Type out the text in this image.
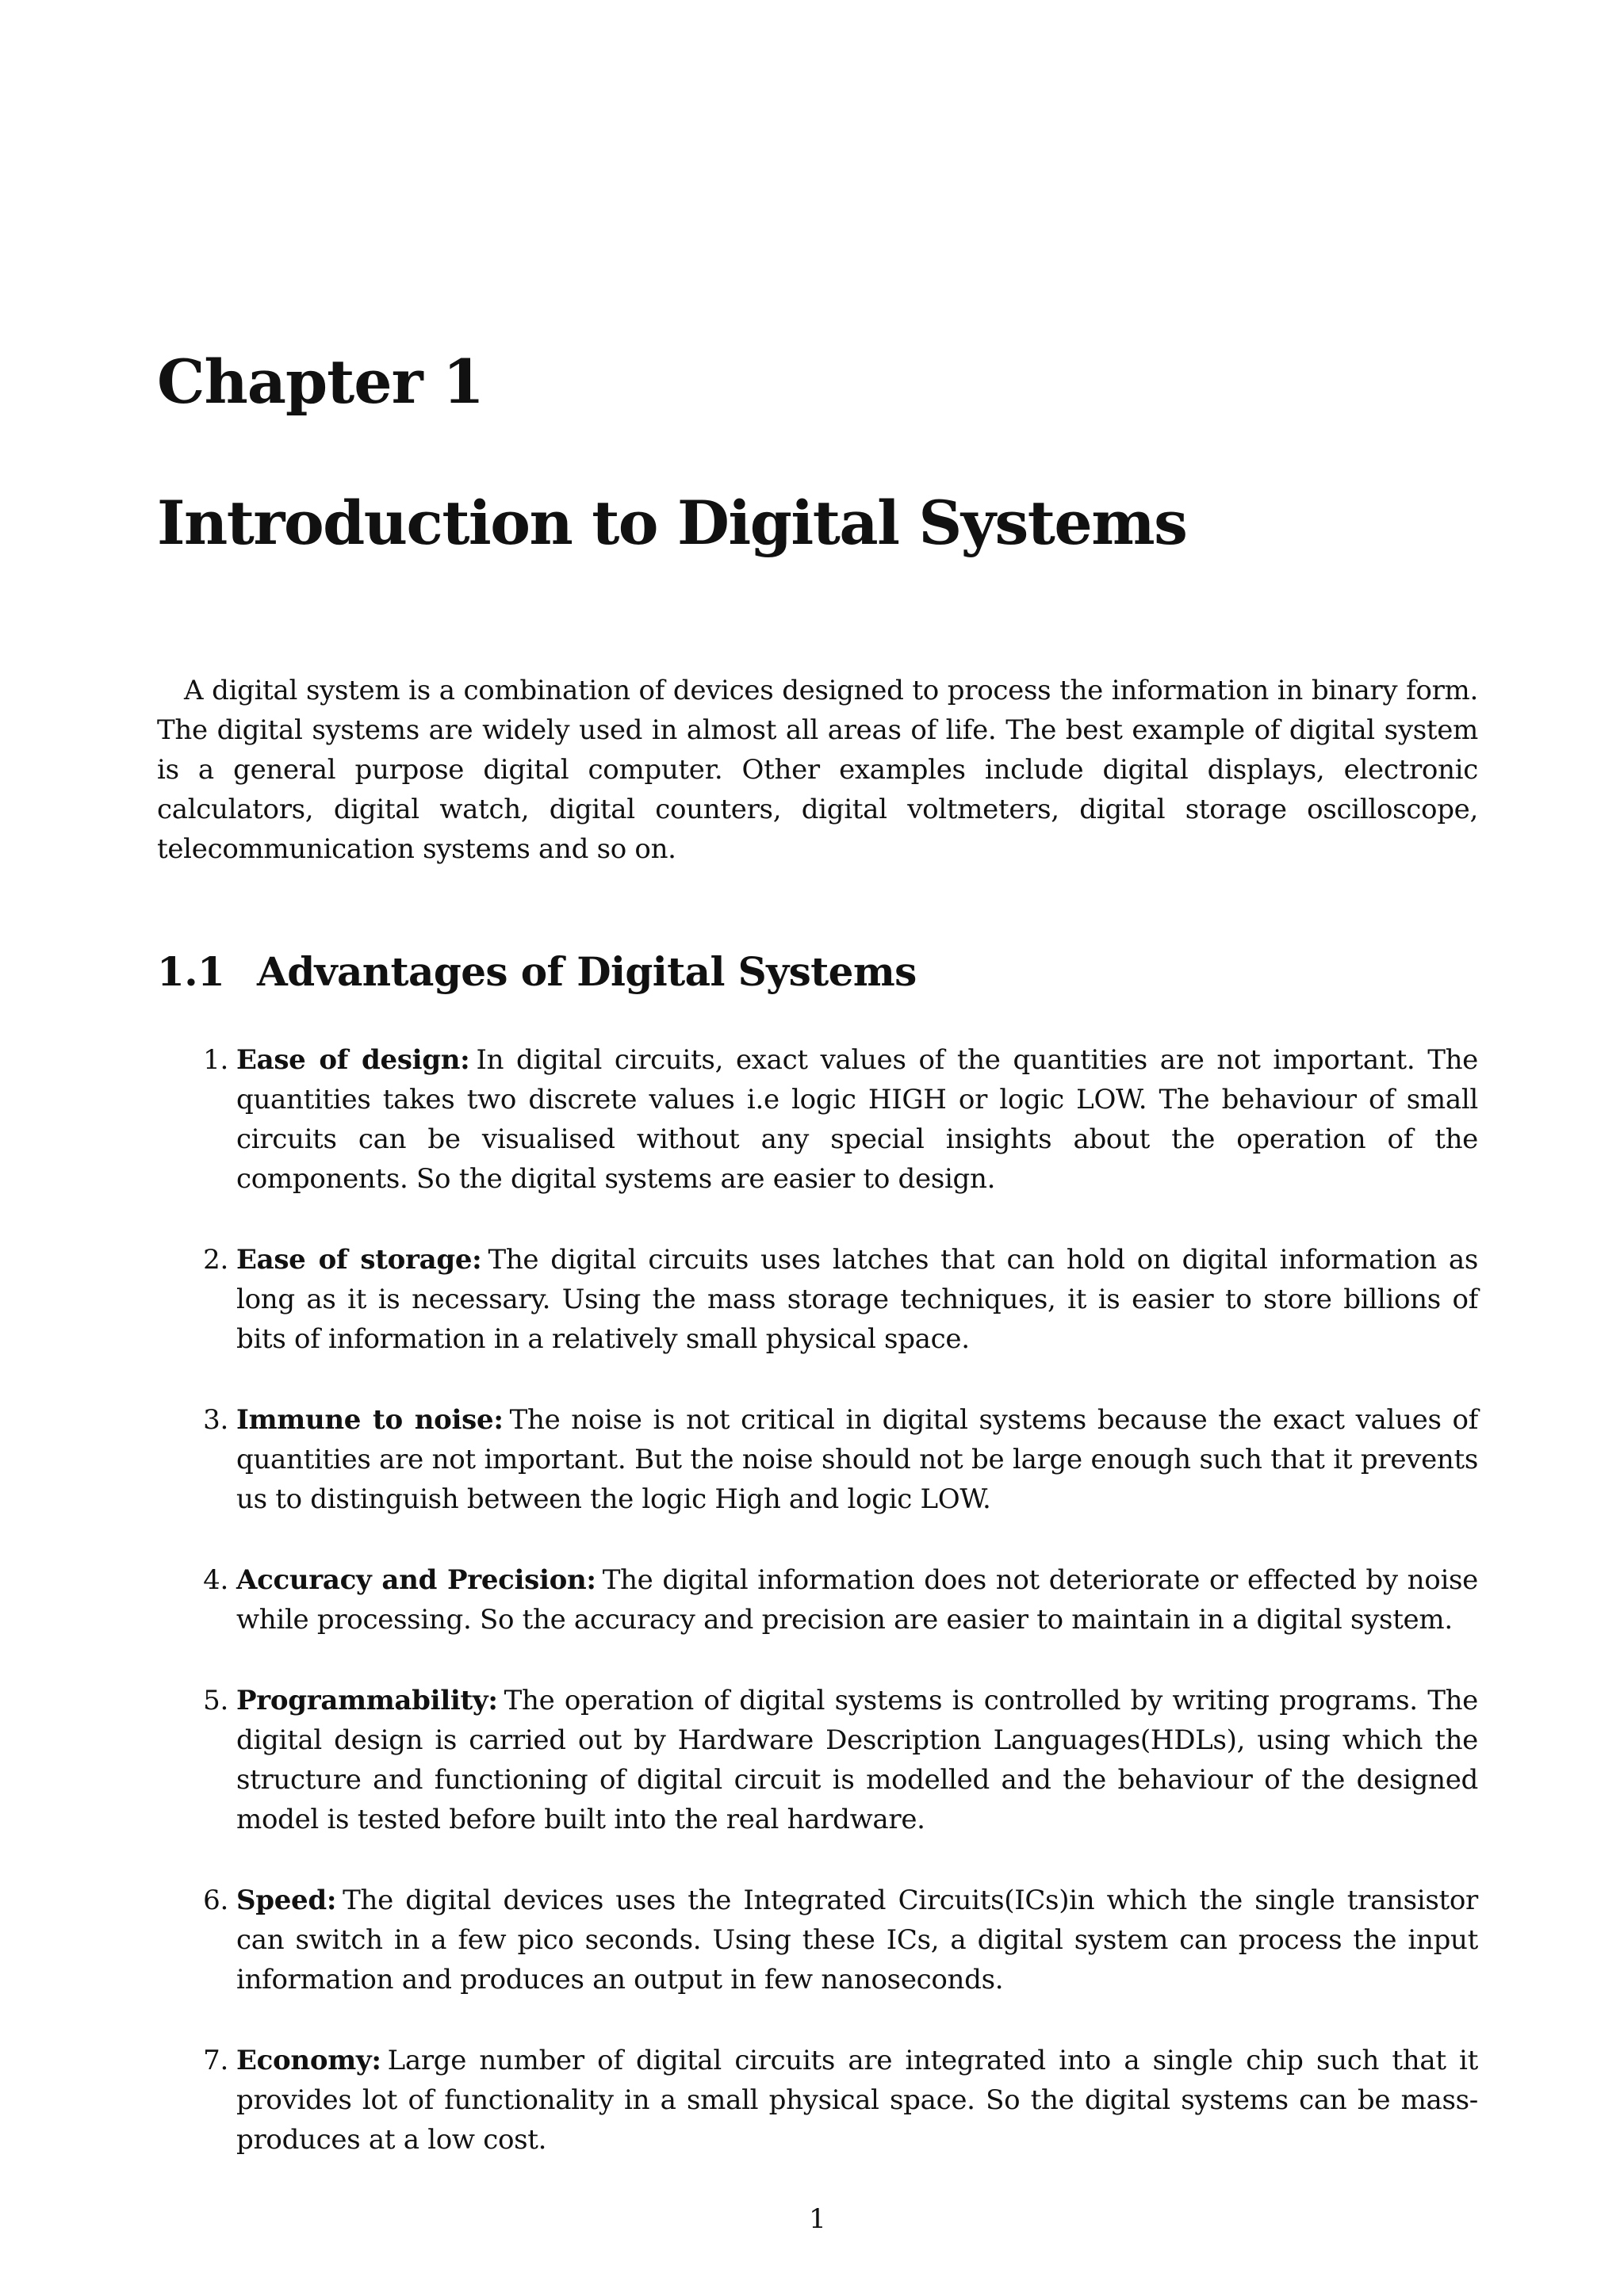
Chapter 1
Introduction to Digital Systems

A digital system is a combination of devices designed to process the information in binary form. The digital systems are widely used in almost all areas of life. The best example of digital system is a general purpose digital computer. Other examples include digital displays, electronic calculators, digital watch, digital counters, digital voltmeters, digital storage oscilloscope, telecommunication systems and so on.

1.1 Advantages of Digital Systems
1. Ease of design: In digital circuits, exact values of the quantities are not important. The quantities takes two discrete values i.e logic HIGH or logic LOW. The behaviour of small circuits can be visualised without any special insights about the operation of the components. So the digital systems are easier to design.
2. Ease of storage: The digital circuits uses latches that can hold on digital information as long as it is necessary. Using the mass storage techniques, it is easier to store billions of bits of information in a relatively small physical space.
3. Immune to noise: The noise is not critical in digital systems because the exact values of quantities are not important. But the noise should not be large enough such that it prevents us to distinguish between the logic High and logic LOW.
4. Accuracy and Precision: The digital information does not deteriorate or effected by noise while processing. So the accuracy and precision are easier to maintain in a digital system.
5. Programmability: The operation of digital systems is controlled by writing programs. The digital design is carried out by Hardware Description Languages(HDLs), using which the structure and functioning of digital circuit is modelled and the behaviour of the designed model is tested before built into the real hardware.
6. Speed: The digital devices uses the Integrated Circuits(ICs)in which the single transistor can switch in a few pico seconds. Using these ICs, a digital system can process the input information and produces an output in few nanoseconds.
7. Economy: Large number of digital circuits are integrated into a single chip such that it provides lot of functionality in a small physical space. So the digital systems can be mass-produces at a low cost.
1
